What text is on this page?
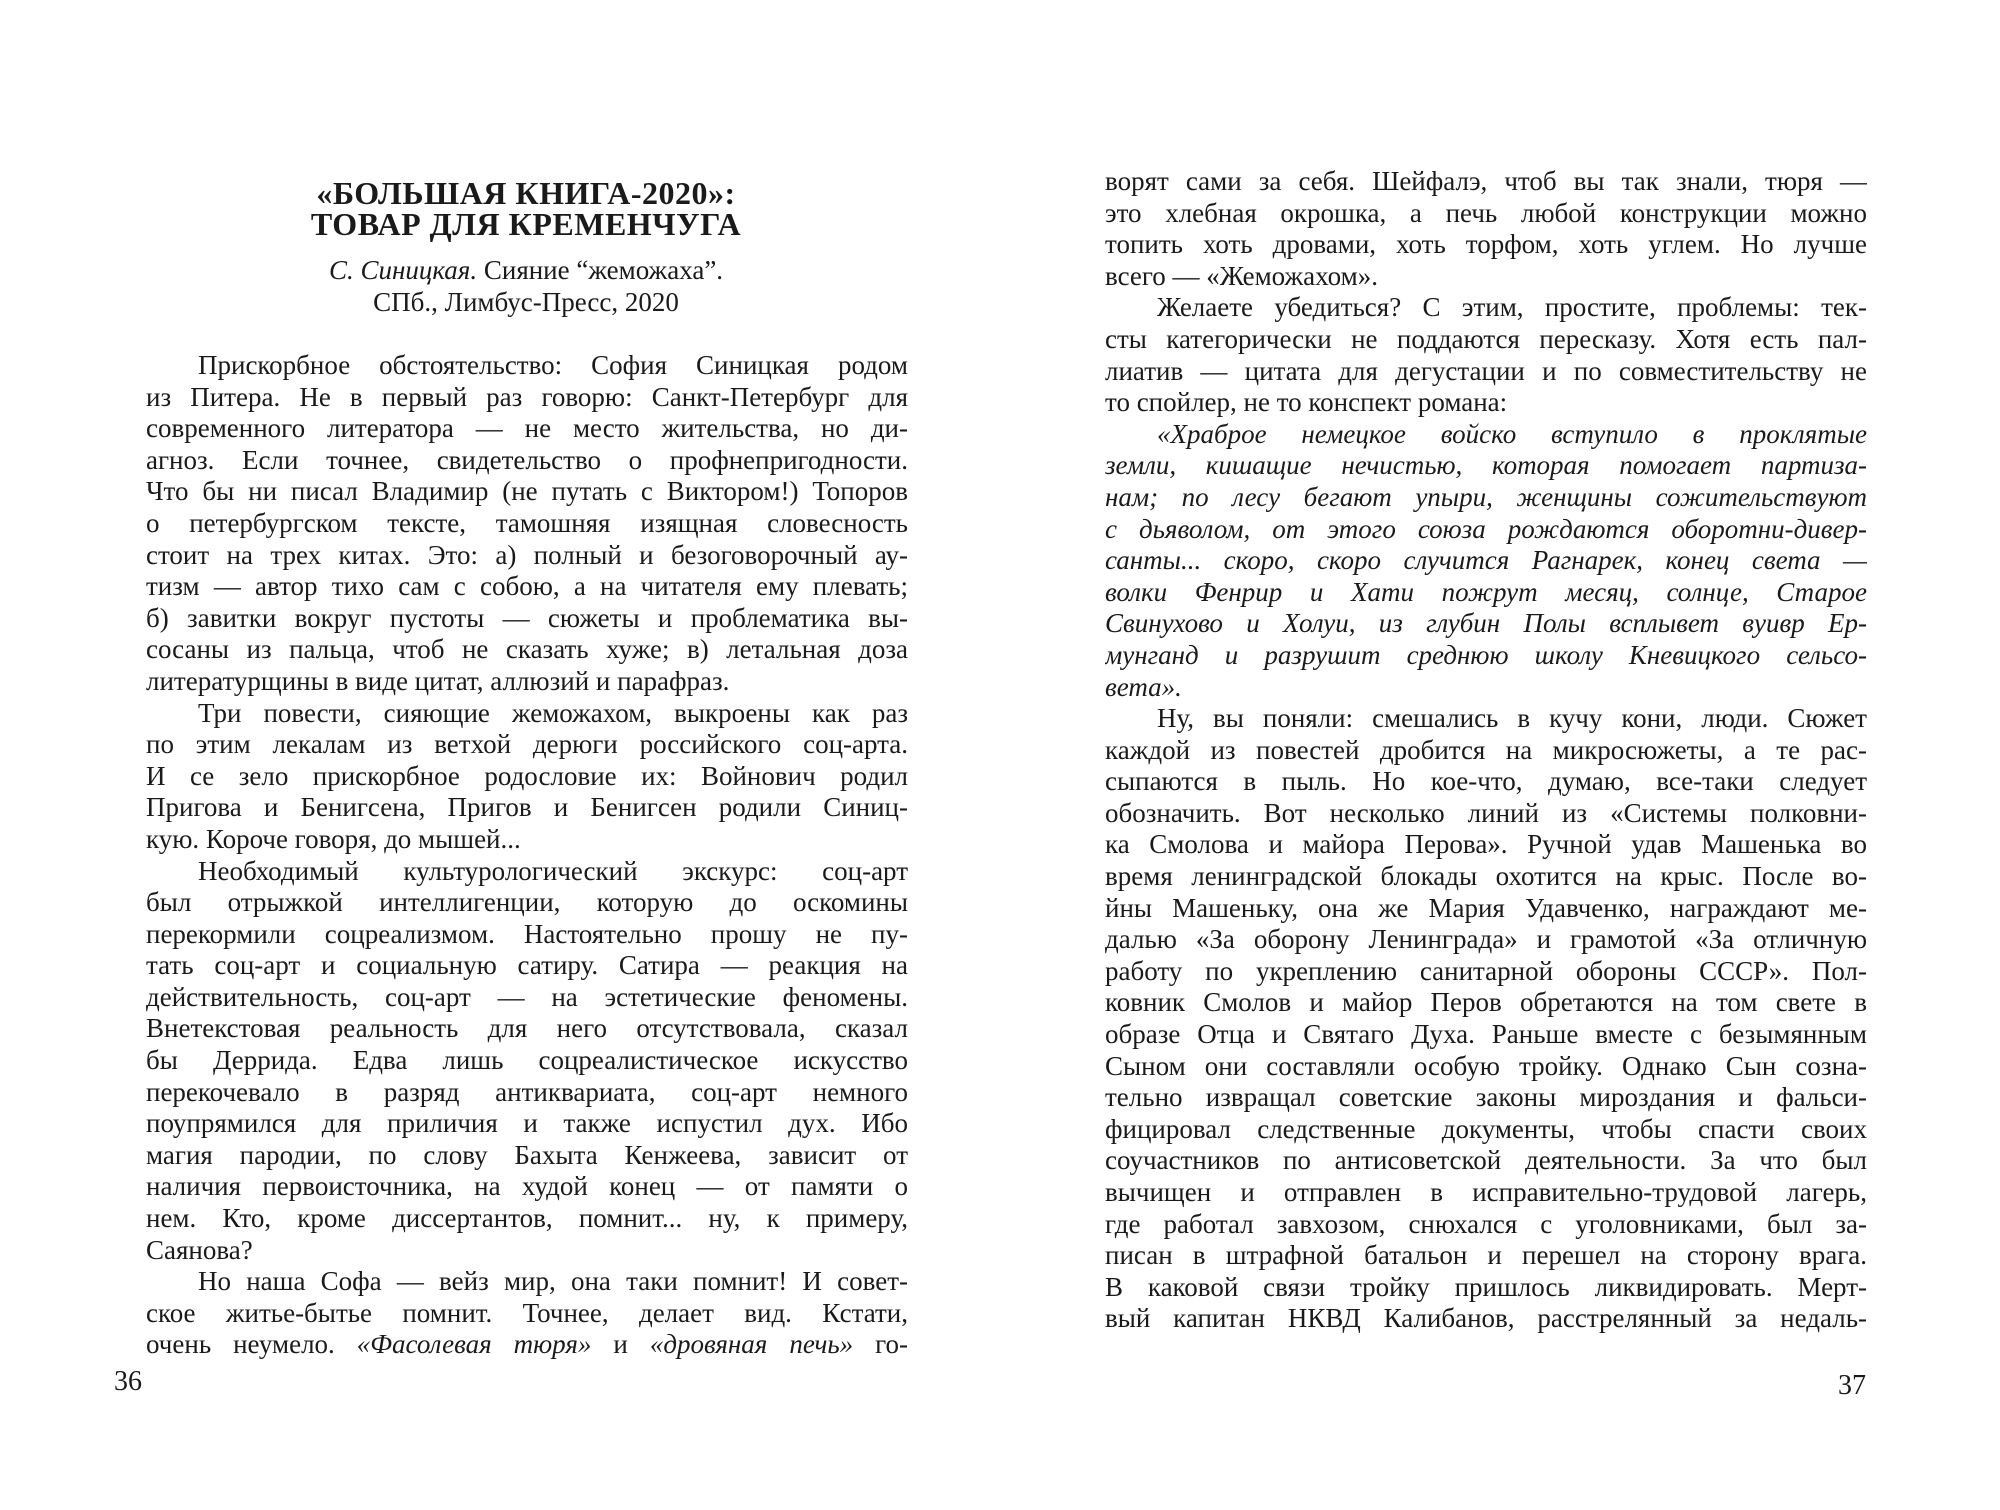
«БОЛЬШАЯ КНИГА-2020»:
ТОВАР ДЛЯ КРЕМЕНЧУГА
С. Синицкая. Сияние “жеможаха”.
СПб., Лимбус-Пресс, 2020
Прискорбное обстоятельство: София Синицкая родом
из Питера. Не в первый раз говорю: Санкт-Петербург для
современного литератора — не место жительства, но ди-
агноз. Если точнее, свидетельство о профнепригодности.
Что бы ни писал Владимир (не путать с Виктором!) Топоров
о петербургском тексте, тамошняя изящная словесность
стоит на трех китах. Это: а) полный и безоговорочный ау-
тизм — автор тихо сам с собою, а на читателя ему плевать;
б) завитки вокруг пустоты — сюжеты и проблематика вы-
сосаны из пальца, чтоб не сказать хуже; в) летальная доза
литературщины в виде цитат, аллюзий и парафраз.
Три повести, сияющие жеможахом, выкроены как раз
по этим лекалам из ветхой дерюги российского соц-арта.
И се зело прискорбное родословие их: Войнович родил
Пригова и Бенигсена, Пригов и Бенигсен родили Синиц-
кую. Короче говоря, до мышей...
Необходимый культурологический экскурс: соц-арт
был отрыжкой интеллигенции, которую до оскомины
перекормили соцреализмом. Настоятельно прошу не пу-
тать соц-арт и социальную сатиру. Сатира — реакция на
действительность, соц-арт — на эстетические феномены.
Внетекстовая реальность для него отсутствовала, сказал
бы Деррида. Едва лишь соцреалистическое искусство
перекочевало в разряд антиквариата, соц-арт немного
поупрямился для приличия и также испустил дух. Ибо
магия пародии, по слову Бахыта Кенжеева, зависит от
наличия первоисточника, на худой конец — от памяти о
нем. Кто, кроме диссертантов, помнит... ну, к примеру,
Саянова?
Но наша Софа — вейз мир, она таки помнит! И совет-
ское житье-бытье помнит. Точнее, делает вид. Кстати,
очень неумело. «Фасолевая тюря» и «дровяная печь» го-
36
ворят сами за себя. Шейфалэ, чтоб вы так знали, тюря —
это хлебная окрошка, а печь любой конструкции можно
топить хоть дровами, хоть торфом, хоть углем. Но лучше
всего — «Жеможахом».
Желаете убедиться? С этим, простите, проблемы: тек-
сты категорически не поддаются пересказу. Хотя есть пал-
лиатив — цитата для дегустации и по совместительству не
то спойлер, не то конспект романа:
«Храброе немецкое войско вступило в проклятые
земли, кишащие нечистью, которая помогает партиза-
нам; по лесу бегают упыри, женщины сожительствуют
с дьяволом, от этого союза рождаются оборотни-дивер-
санты... скоро, скоро случится Рагнарек, конец света —
волки Фенрир и Хати пожрут месяц, солнце, Старое
Свинухово и Холуи, из глубин Полы всплывет вуивр Ер-
мунганд и разрушит среднюю школу Кневицкого сельсо-
вета».
Ну, вы поняли: смешались в кучу кони, люди. Сюжет
каждой из повестей дробится на микросюжеты, а те рас-
сыпаются в пыль. Но кое-что, думаю, все-таки следует
обозначить. Вот несколько линий из «Системы полковни-
ка Смолова и майора Перова». Ручной удав Машенька во
время ленинградской блокады охотится на крыс. После во-
йны Машеньку, она же Мария Удавченко, награждают ме-
далью «За оборону Ленинграда» и грамотой «За отличную
работу по укреплению санитарной обороны СССР». Пол-
ковник Смолов и майор Перов обретаются на том свете в
образе Отца и Святаго Духа. Раньше вместе с безымянным
Сыном они составляли особую тройку. Однако Сын созна-
тельно извращал советские законы мироздания и фальси-
фицировал следственные документы, чтобы спасти своих
соучастников по антисоветской деятельности. За что был
вычищен и отправлен в исправительно-трудовой лагерь,
где работал завхозом, снюхался с уголовниками, был за-
писан в штрафной батальон и перешел на сторону врага.
В каковой связи тройку пришлось ликвидировать. Мерт-
вый капитан НКВД Калибанов, расстрелянный за недаль-
37
